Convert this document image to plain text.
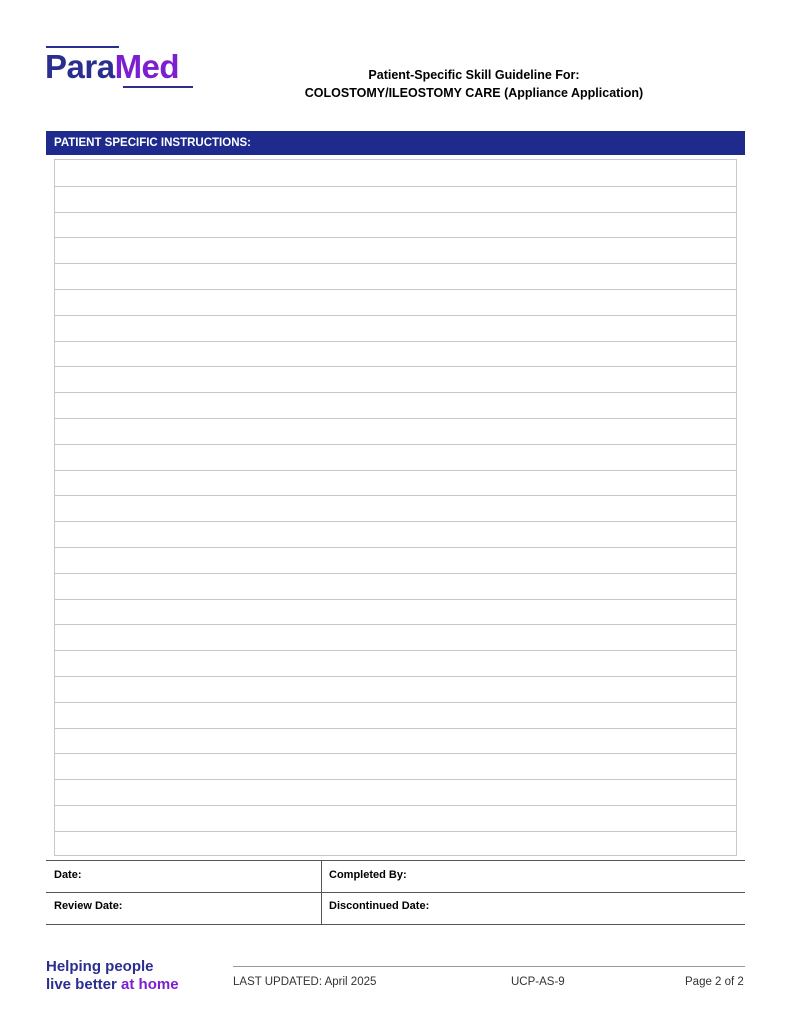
ParaMed	Patient-Specific Skill Guideline For:
COLOSTOMY/ILEOSTOMY CARE (Appliance Application)
PATIENT SPECIFIC INSTRUCTIONS:
Date:	Completed By:
Review Date:	Discontinued Date:
Helping people
live better at home	LAST UPDATED: April 2025	UCP-AS-9	Page 2 of 2
